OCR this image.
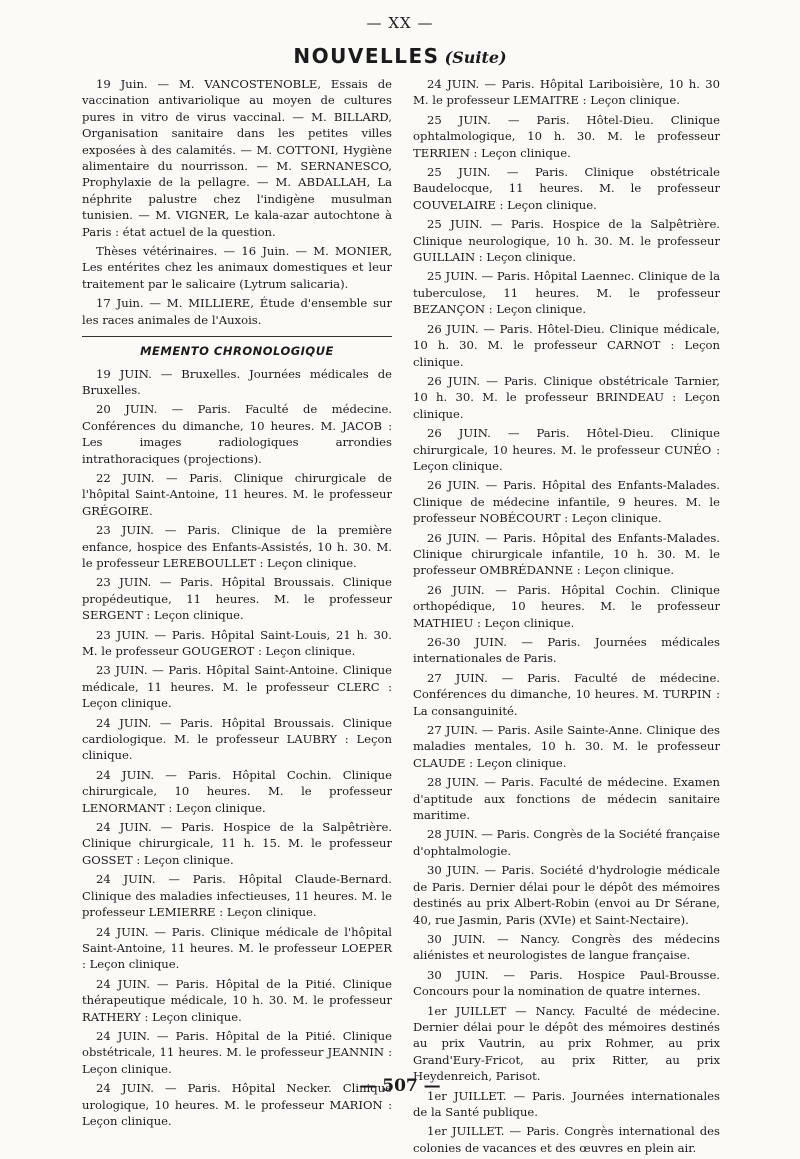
— XX —
NOUVELLES (Suite)

19 Juin. — M. VANCOSTENOBLE, Essais de vaccination antivariolique au moyen de cultures pures in vitro de virus vaccinal. — M. BILLARD, Organisation sanitaire dans les petites villes exposées à des calamités. — M. COTTONI, Hygiène alimentaire du nourrisson. — M. SERNANESCO, Prophylaxie de la pellagre. — M. ABDALLAH, La néphrite palustre chez l'indigène musulman tunisien. — M. VIGNER, Le kala-azar autochtone à Paris : état actuel de la question.

Thèses vétérinaires. — 16 Juin. — M. MONIER, Les entérites chez les animaux domestiques et leur traitement par le salicaire (Lytrum salicaria).

17 Juin. — M. MILLIERE, Étude d'ensemble sur les races animales de l'Auxois.

MEMENTO CHRONOLOGIQUE

19 JUIN. — Bruxelles. Journées médicales de Bruxelles.

20 JUIN. — Paris. Faculté de médecine. Conférences du dimanche, 10 heures. M. JACOB : Les images radiologiques arrondies intrathoraciques (projections).

22 JUIN. — Paris. Clinique chirurgicale de l'hôpital Saint-Antoine, 11 heures. M. le professeur GRÉGOIRE.

23 JUIN. — Paris. Clinique de la première enfance, hospice des Enfants-Assistés, 10 h. 30. M. le professeur LEREBOULLET : Leçon clinique.

23 JUIN. — Paris. Hôpital Broussais. Clinique propédeutique, 11 heures. M. le professeur SERGENT : Leçon clinique.

23 JUIN. — Paris. Hôpital Saint-Louis, 21 h. 30. M. le professeur GOUGEROT : Leçon clinique.

23 JUIN. — Paris. Hôpital Saint-Antoine. Clinique médicale, 11 heures. M. le professeur CLERC : Leçon clinique.

24 JUIN. — Paris. Hôpital Broussais. Clinique cardiologique. M. le professeur LAUBRY : Leçon clinique.

24 JUIN. — Paris. Hôpital Cochin. Clinique chirurgicale, 10 heures. M. le professeur LENORMANT : Leçon clinique.

24 JUIN. — Paris. Hospice de la Salpêtrière. Clinique chirurgicale, 11 h. 15. M. le professeur GOSSET : Leçon clinique.

24 JUIN. — Paris. Hôpital Claude-Bernard. Clinique des maladies infectieuses, 11 heures. M. le professeur LEMIERRE : Leçon clinique.

24 JUIN. — Paris. Clinique médicale de l'hôpital Saint-Antoine, 11 heures. M. le professeur LOEPER : Leçon clinique.

24 JUIN. — Paris. Hôpital de la Pitié. Clinique thérapeutique médicale, 10 h. 30. M. le professeur RATHERY : Leçon clinique.

24 JUIN. — Paris. Hôpital de la Pitié. Clinique obstétricale, 11 heures. M. le professeur JEANNIN : Leçon clinique.

24 JUIN. — Paris. Hôpital Necker. Clinique urologique, 10 heures. M. le professeur MARION : Leçon clinique.

24 JUIN. — Paris. Hôpital Lariboisière, 10 h. 30 M. le professeur LEMAITRE : Leçon clinique.

25 JUIN. — Paris. Hôtel-Dieu. Clinique ophtalmologique, 10 h. 30. M. le professeur TERRIEN : Leçon clinique.

25 JUIN. — Paris. Clinique obstétricale Baudelocque, 11 heures. M. le professeur COUVELAIRE : Leçon clinique.

25 JUIN. — Paris. Hospice de la Salpêtrière. Clinique neurologique, 10 h. 30. M. le professeur GUILLAIN : Leçon clinique.

25 JUIN. — Paris. Hôpital Laennec. Clinique de la tuberculose, 11 heures. M. le professeur BEZANÇON : Leçon clinique.

26 JUIN. — Paris. Hôtel-Dieu. Clinique médicale, 10 h. 30. M. le professeur CARNOT : Leçon clinique.

26 JUIN. — Paris. Clinique obstétricale Tarnier, 10 h. 30. M. le professeur BRINDEAU : Leçon clinique.

26 JUIN. — Paris. Hôtel-Dieu. Clinique chirurgicale, 10 heures. M. le professeur CUNÉO : Leçon clinique.

26 JUIN. — Paris. Hôpital des Enfants-Malades. Clinique de médecine infantile, 9 heures. M. le professeur NOBÉCOURT : Leçon clinique.

26 JUIN. — Paris. Hôpital des Enfants-Malades. Clinique chirurgicale infantile, 10 h. 30. M. le professeur OMBRÉDANNE : Leçon clinique.

26 JUIN. — Paris. Hôpital Cochin. Clinique orthopédique, 10 heures. M. le professeur MATHIEU : Leçon clinique.

26-30 JUIN. — Paris. Journées médicales internationales de Paris.

27 JUIN. — Paris. Faculté de médecine. Conférences du dimanche, 10 heures. M. TURPIN : La consanguinité.

27 JUIN. — Paris. Asile Sainte-Anne. Clinique des maladies mentales, 10 h. 30. M. le professeur CLAUDE : Leçon clinique.

28 JUIN. — Paris. Faculté de médecine. Examen d'aptitude aux fonctions de médecin sanitaire maritime.

28 JUIN. — Paris. Congrès de la Société française d'ophtalmologie.

30 JUIN. — Paris. Société d'hydrologie médicale de Paris. Dernier délai pour le dépôt des mémoires destinés au prix Albert-Robin (envoi au Dr Sérane, 40, rue Jasmin, Paris (XVIe) et Saint-Nectaire).

30 JUIN. — Nancy. Congrès des médecins aliénistes et neurologistes de langue française.

30 JUIN. — Paris. Hospice Paul-Brousse. Concours pour la nomination de quatre internes.

1er JUILLET — Nancy. Faculté de médecine. Dernier délai pour le dépôt des mémoires destinés au prix Vautrin, au prix Rohmer, au prix Grand'Eury-Fricot, au prix Ritter, au prix Heydenreich, Parisot.

1er JUILLET. — Paris. Journées internationales de la Santé publique.

1er JUILLET. — Paris. Congrès international des colonies de vacances et des œuvres en plein air.

— 507 —
